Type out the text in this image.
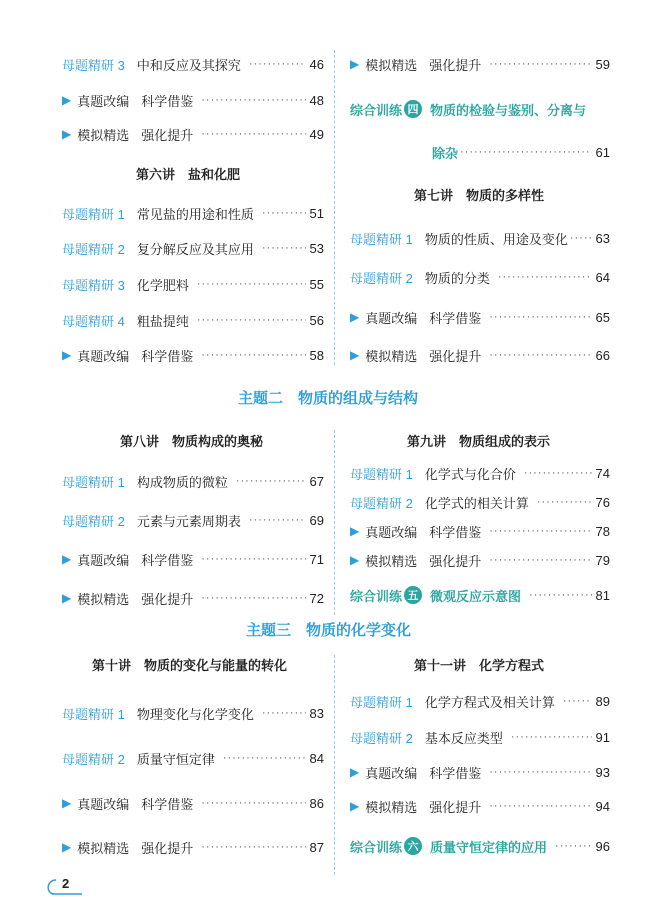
母题精研 3 中和反应及其探究 ·····	46
▶ 真题改编 科学借鉴 ·····	48
▶ 模拟精选 强化提升 ·····	49
第六讲　盐和化肥
母题精研 1 常见盐的用途和性质 ·····	51
母题精研 2 复分解反应及其应用 ·····	53
母题精研 3 化学肥料 ·····	55
母题精研 4 粗盐提纯 ·····	56
▶ 真题改编 科学借鉴 ·····	58
▶ 模拟精选 强化提升 ·····	59
综合训练 四 物质的检验与鉴别、分离与
除杂 ·····	61
第七讲　物质的多样性
母题精研 1 物质的性质、用途及变化 ····· 63
母题精研 2 物质的分类 ·····	64
▶ 真题改编 科学借鉴 ·····	65
▶ 模拟精选 强化提升 ·····	66
主题二　物质的组成与结构
第八讲　物质构成的奥秘	第九讲　物质组成的表示
母题精研 1 构成物质的微粒 ·····	67
母题精研 2 元素与元素周期表 ·····	69
▶ 真题改编 科学借鉴 ·····	71
▶ 模拟精选 强化提升 ·····	72
母题精研 1 化学式与化合价 ·····	74
母题精研 2 化学式的相关计算 ·····	76
▶ 真题改编 科学借鉴 ·····	78
▶ 模拟精选 强化提升 ·····	79
综合训练 五 微观反应示意图 ·····	81
主题三　物质的化学变化
第十讲　物质的变化与能量的转化	第十一讲　化学方程式
母题精研 1 物理变化与化学变化 ·····	83
母题精研 2 质量守恒定律 ·····	84
▶ 真题改编 科学借鉴 ·····	86
▶ 模拟精选 强化提升 ·····	87
母题精研 1 化学方程式及相关计算 ·····	89
母题精研 2 基本反应类型 ·····	91
▶ 真题改编 科学借鉴 ·····	93
▶ 模拟精选 强化提升 ·····	94
综合训练 六 质量守恒定律的应用 ·····	96
2
